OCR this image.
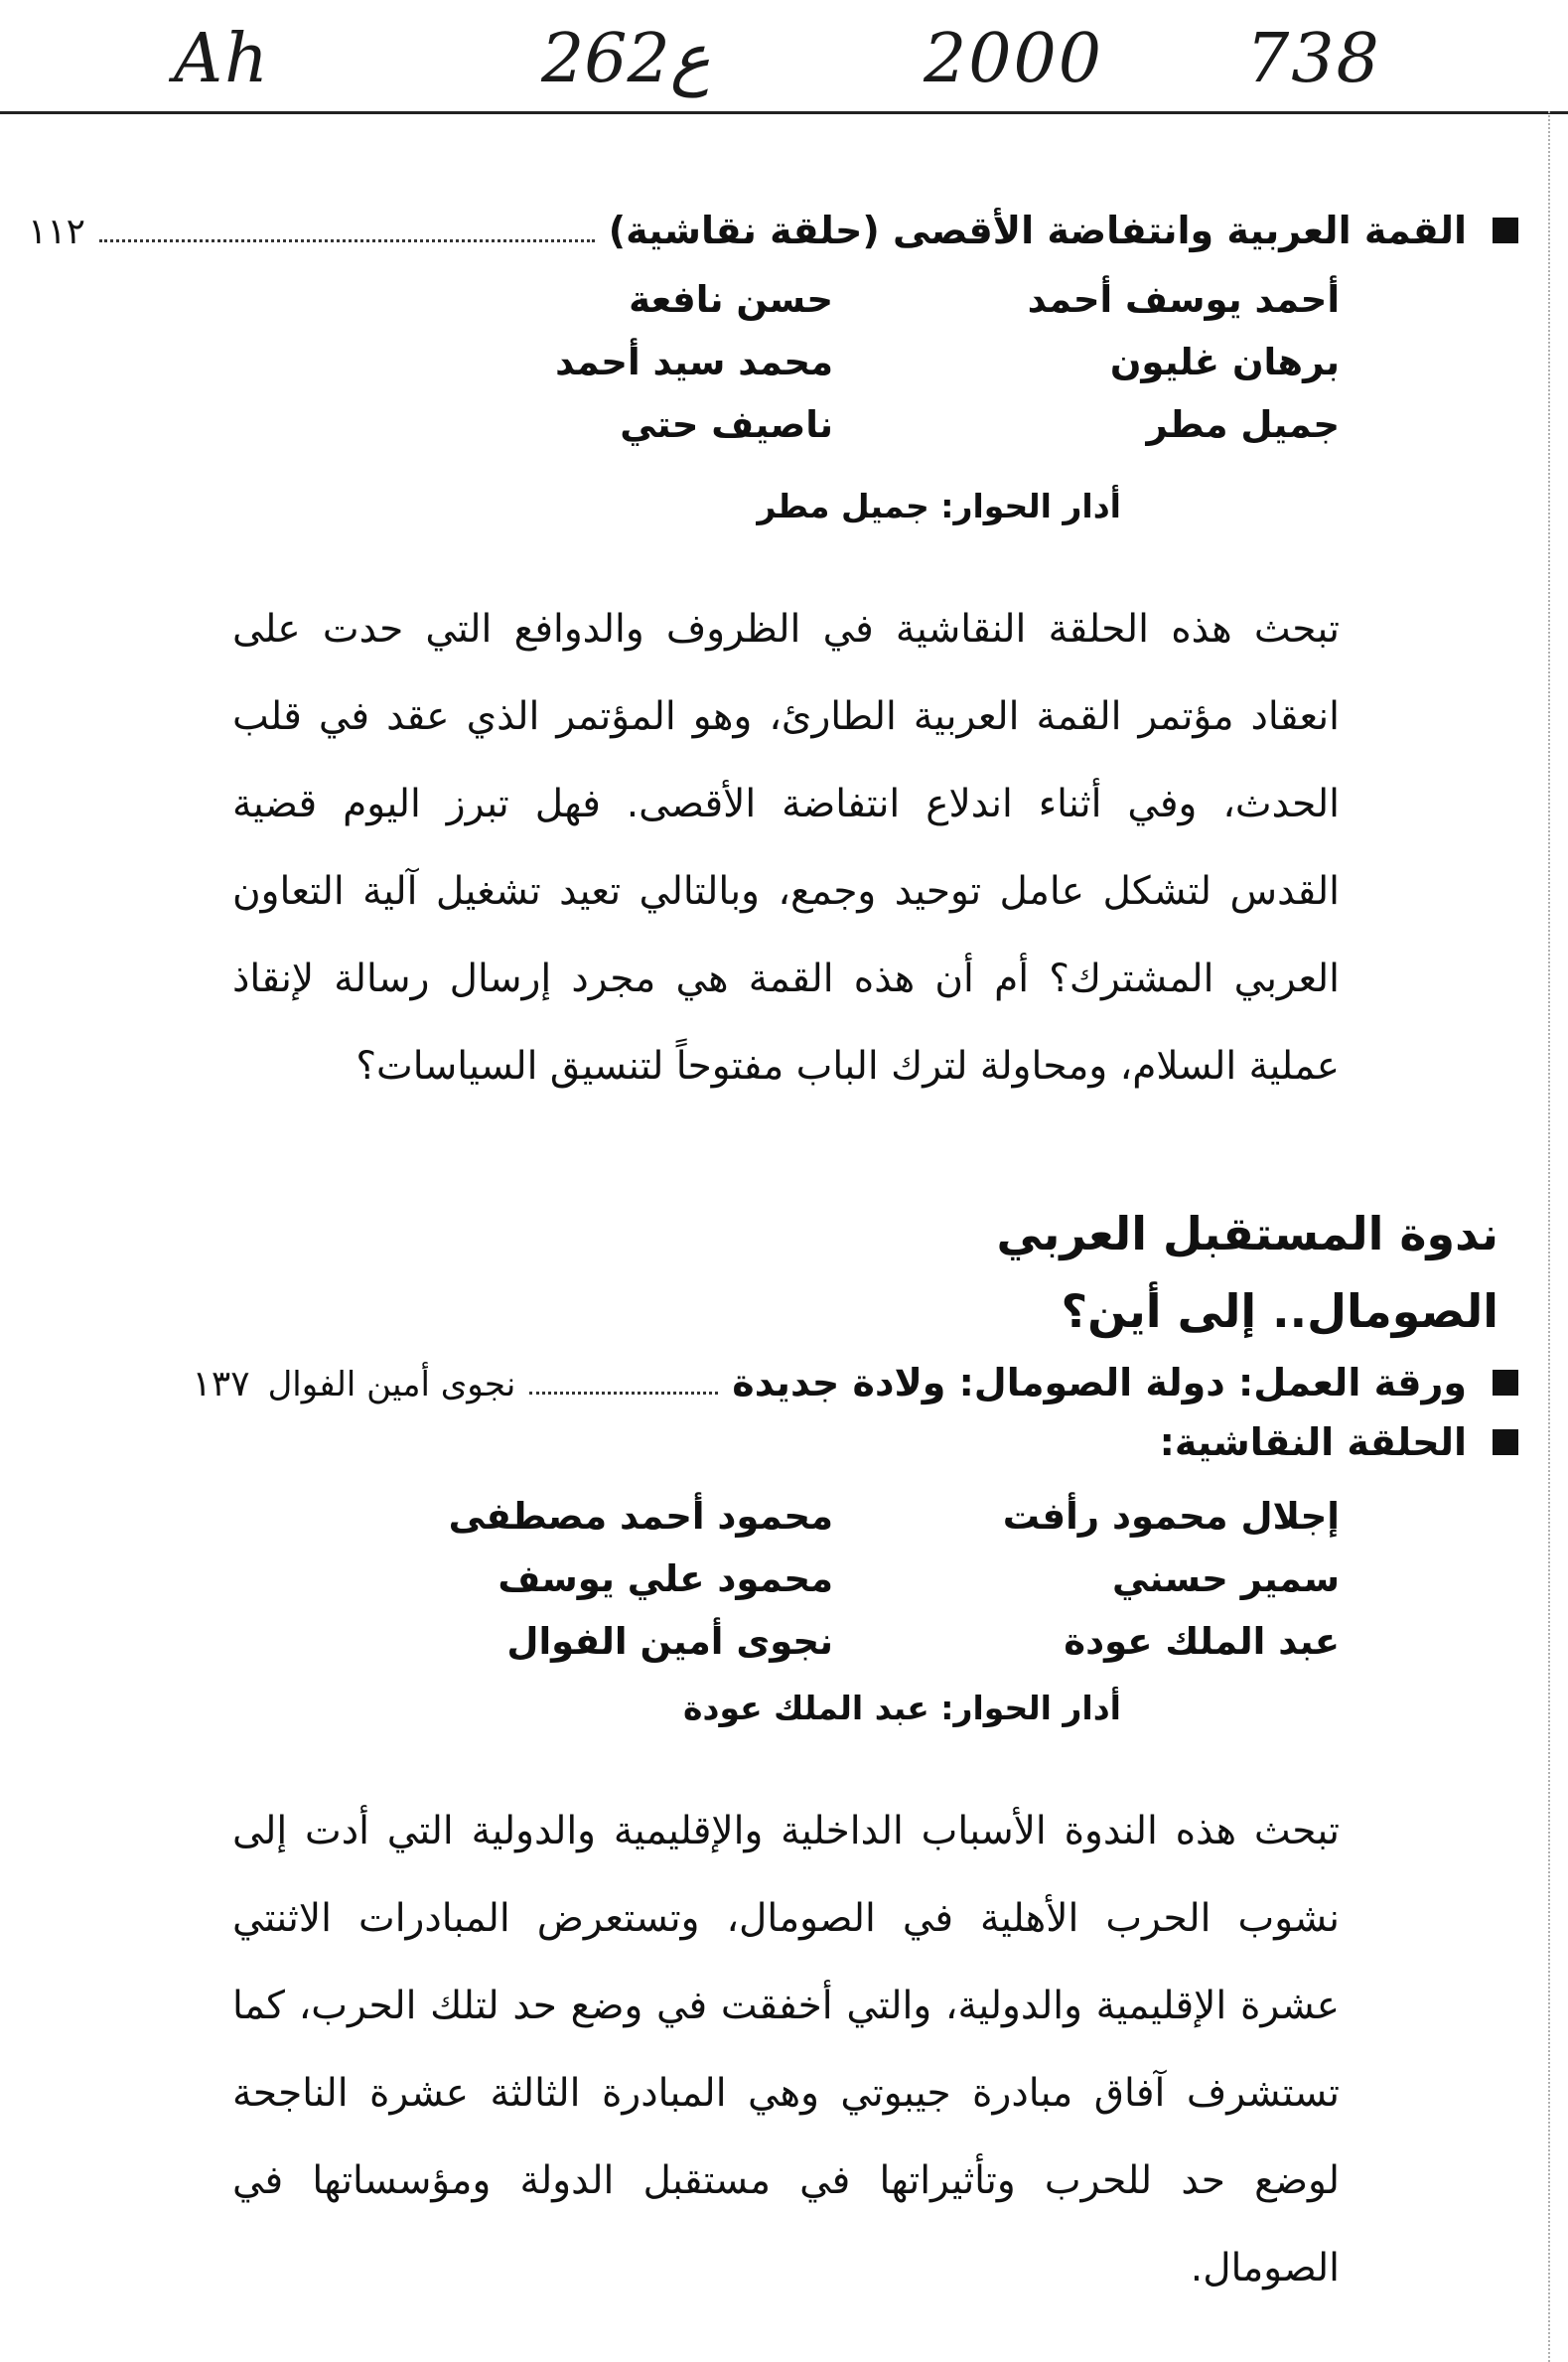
Ah	262ع	2000 738
القمة العربية وانتفاضة الأقصى (حلقة نقاشية)
١١٢
أحمد يوسف أحمد
حسن نافعة
برهان غليون
محمد سيد أحمد
جميل مطر
ناصيف حتي
أدار الحوار: جميل مطر

تبحث هذه الحلقة النقاشية في الظروف والدوافع التي حدت على انعقاد مؤتمر القمة العربية الطارئ، وهو المؤتمر الذي عقد في قلب الحدث، وفي أثناء اندلاع انتفاضة الأقصى. فهل تبرز اليوم قضية القدس لتشكل عامل توحيد وجمع، وبالتالي تعيد تشغيل آلية التعاون العربي المشترك؟ أم أن هذه القمة هي مجرد إرسال رسالة لإنقاذ عملية السلام، ومحاولة لترك الباب مفتوحاً لتنسيق السياسات؟

ندوة المستقبل العربي
الصومال.. إلى أين؟
ورقة العمل: دولة الصومال: ولادة جديدة
نجوى أمين الفوال
١٣٧
الحلقة النقاشية:
إجلال محمود رأفت
محمود أحمد مصطفى
سمير حسني
محمود علي يوسف
عبد الملك عودة
نجوى أمين الفوال
أدار الحوار: عبد الملك عودة

تبحث هذه الندوة الأسباب الداخلية والإقليمية والدولية التي أدت إلى نشوب الحرب الأهلية في الصومال، وتستعرض المبادرات الاثنتي عشرة الإقليمية والدولية، والتي أخفقت في وضع حد لتلك الحرب، كما تستشرف آفاق مبادرة جيبوتي وهي المبادرة الثالثة عشرة الناجحة لوضع حد للحرب وتأثيراتها في مستقبل الدولة ومؤسساتها في الصومال.
